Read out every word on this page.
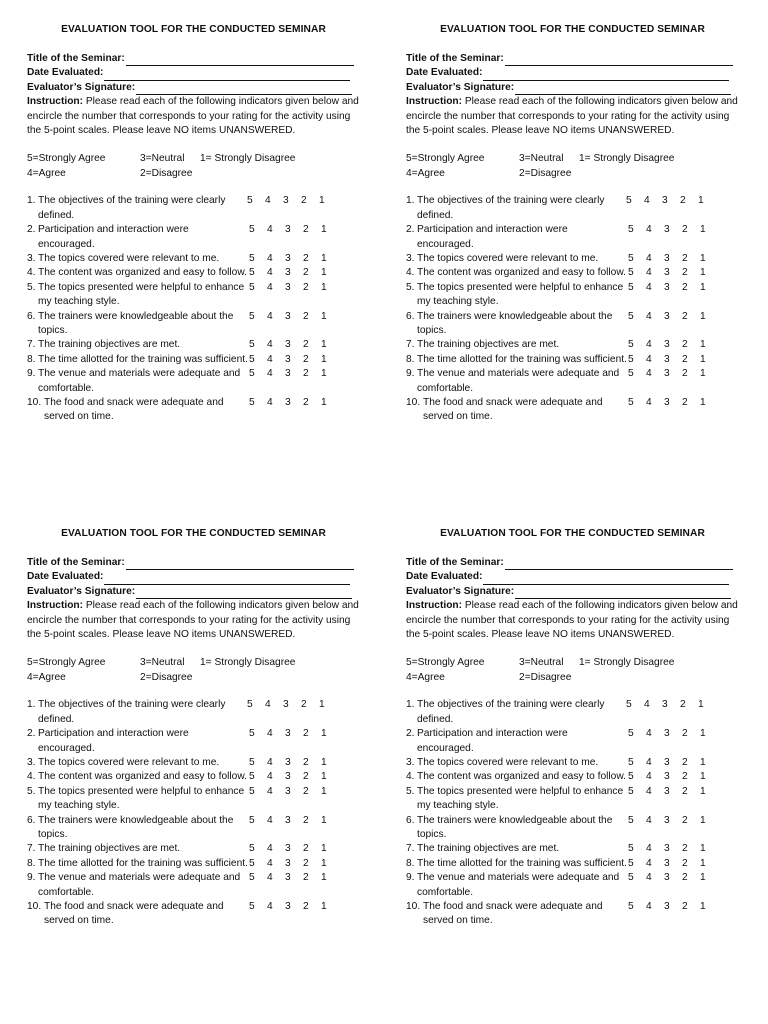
EVALUATION TOOL FOR THE CONDUCTED SEMINAR
Title of the Seminar:
Date Evaluated:
Evaluator’s Signature:
Instruction: Please read each of the following indicators given below and encircle the number that corresponds to your rating for the activity using the 5-point scales. Please leave NO items UNANSWERED.
5=Strongly Agree	3=Neutral 1= Strongly Disagree
4=Agree	2=Disagree
1. The objectives of the training were clearly defined.
5	4	3	2	1
2. Participation and interaction were encouraged.
5	4	3	2	1
3. The topics covered were relevant to me.	5	4	3	2	1
4. The content was organized and easy to follow. 5	4	3	2	1
5. The topics presented were helpful to enhance my teaching style.
5	4	3	2	1
6. The trainers were knowledgeable about the topics.
5	4	3	2	1
7. The training objectives are met.	5	4	3	2	1
8. The time allotted for the training was sufficient. 5	4	3	2	1
9. The venue and materials were adequate and comfortable.
5	4	3	2	1
10. The food and snack were adequate and served on time.
5	4	3	2	1
EVALUATION TOOL FOR THE CONDUCTED SEMINAR
Title of the Seminar:
Date Evaluated:
Evaluator’s Signature:
Instruction: Please read each of the following indicators given below and encircle the number that corresponds to your rating for the activity using the 5-point scales. Please leave NO items UNANSWERED.
5=Strongly Agree	3=Neutral 1= Strongly Disagree
4=Agree	2=Disagree
1. The objectives of the training were clearly defined.
5	4	3	2	1
2. Participation and interaction were encouraged.
5	4	3	2	1
3. The topics covered were relevant to me.	5	4	3	2	1
4. The content was organized and easy to follow. 5	4	3	2	1
5. The topics presented were helpful to enhance my teaching style.
5	4	3	2	1
6. The trainers were knowledgeable about the topics.
5	4	3	2	1
7. The training objectives are met.	5	4	3	2	1
8. The time allotted for the training was sufficient. 5	4	3	2	1
9. The venue and materials were adequate and comfortable.
5	4	3	2	1
10. The food and snack were adequate and served on time.
5	4	3	2	1
EVALUATION TOOL FOR THE CONDUCTED SEMINAR
Title of the Seminar:
Date Evaluated:
Evaluator’s Signature:
Instruction: Please read each of the following indicators given below and encircle the number that corresponds to your rating for the activity using the 5-point scales. Please leave NO items UNANSWERED.
5=Strongly Agree	3=Neutral 1= Strongly Disagree
4=Agree	2=Disagree
1. The objectives of the training were clearly defined.
5	4	3	2	1
2. Participation and interaction were encouraged.
5	4	3	2	1
3. The topics covered were relevant to me.	5	4	3	2	1
4. The content was organized and easy to follow. 5	4	3	2	1
5. The topics presented were helpful to enhance my teaching style.
5	4	3	2	1
6. The trainers were knowledgeable about the topics.
5	4	3	2	1
7. The training objectives are met.	5	4	3	2	1
8. The time allotted for the training was sufficient. 5	4	3	2	1
9. The venue and materials were adequate and comfortable.
5	4	3	2	1
10. The food and snack were adequate and served on time.
5	4	3	2	1
EVALUATION TOOL FOR THE CONDUCTED SEMINAR
Title of the Seminar:
Date Evaluated:
Evaluator’s Signature:
Instruction: Please read each of the following indicators given below and encircle the number that corresponds to your rating for the activity using the 5-point scales. Please leave NO items UNANSWERED.
5=Strongly Agree	3=Neutral 1= Strongly Disagree
4=Agree	2=Disagree
1. The objectives of the training were clearly defined.
5	4	3	2	1
2. Participation and interaction were encouraged.
5	4	3	2	1
3. The topics covered were relevant to me.	5	4	3	2	1
4. The content was organized and easy to follow. 5	4	3	2	1
5. The topics presented were helpful to enhance my teaching style.
5	4	3	2	1
6. The trainers were knowledgeable about the topics.
5	4	3	2	1
7. The training objectives are met.	5	4	3	2	1
8. The time allotted for the training was sufficient. 5	4	3	2	1
9. The venue and materials were adequate and comfortable.
5	4	3	2	1
10. The food and snack were adequate and served on time.
5	4	3	2	1
